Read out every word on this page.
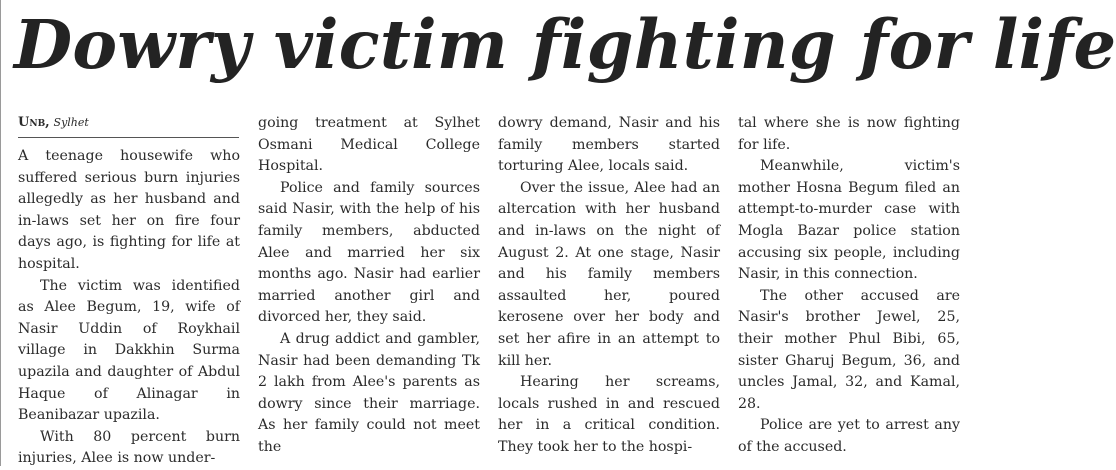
Dowry victim fighting for life
Unb, Sylhet

A teenage housewife who suffered serious burn injuries allegedly as her husband and in-laws set her on fire four days ago, is fighting for life at hospital.

The victim was identified as Alee Begum, 19, wife of Nasir Uddin of Roykhail village in Dakkhin Surma upazila and daughter of Abdul Haque of Alinagar in Beanibazar upazila.

With 80 percent burn injuries, Alee is now under-

going treatment at Sylhet Osmani Medical College Hospital.

Police and family sources said Nasir, with the help of his family members, abducted Alee and married her six months ago. Nasir had earlier married another girl and divorced her, they said.

A drug addict and gambler, Nasir had been demanding Tk 2 lakh from Alee's parents as dowry since their marriage. As her family could not meet the

dowry demand, Nasir and his family members started torturing Alee, locals said.

Over the issue, Alee had an altercation with her husband and in-laws on the night of August 2. At one stage, Nasir and his family members assaulted her, poured kerosene over her body and set her afire in an attempt to kill her.

Hearing her screams, locals rushed in and rescued her in a critical condition. They took her to the hospi-

tal where she is now fighting for life.

Meanwhile, victim's mother Hosna Begum filed an attempt-to-murder case with Mogla Bazar police station accusing six people, including Nasir, in this connection.

The other accused are Nasir's brother Jewel, 25, their mother Phul Bibi, 65, sister Gharuj Begum, 36, and uncles Jamal, 32, and Kamal, 28.

Police are yet to arrest any of the accused.
